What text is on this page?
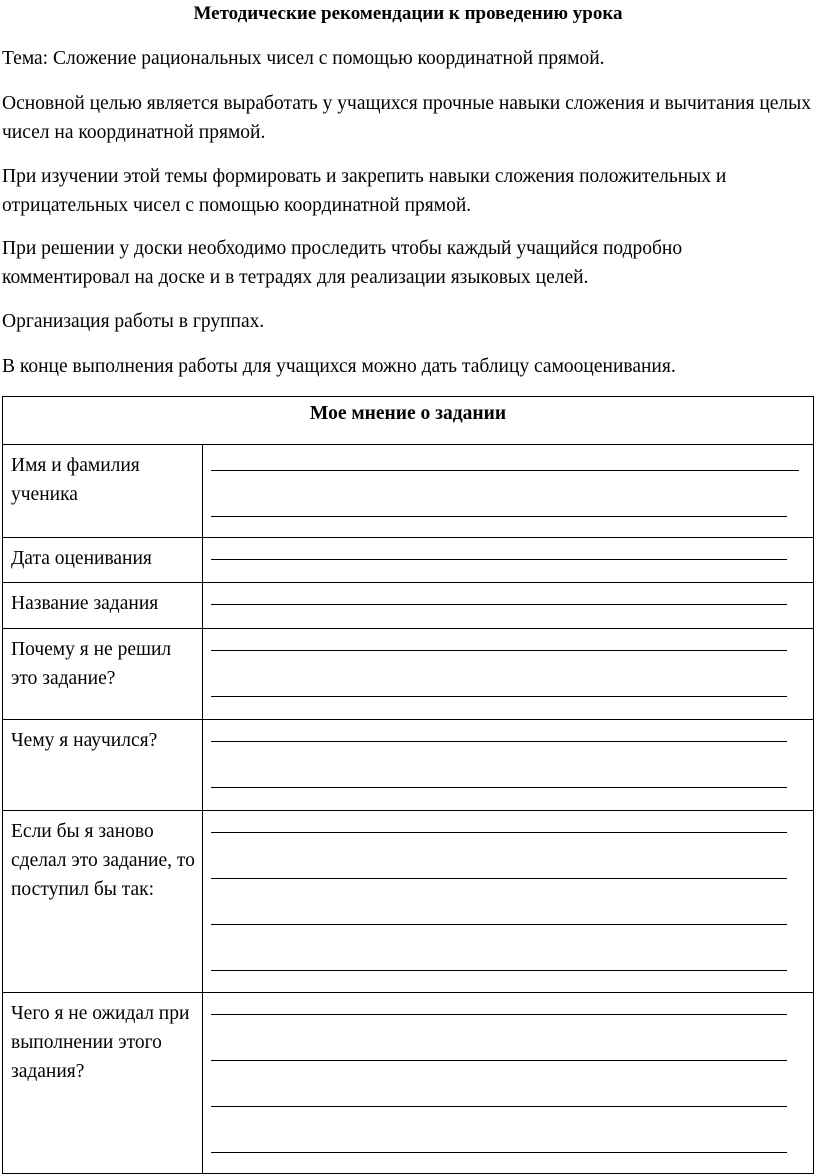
Методические рекомендации к проведению урока
Тема: Сложение рациональных чисел с помощью координатной прямой.
Основной целью является выработать у учащихся прочные навыки сложения и вычитания целых чисел на координатной прямой.
При изучении этой темы формировать и закрепить навыки сложения положительных и отрицательных чисел с помощью координатной прямой.
При решении у доски необходимо проследить чтобы каждый учащийся подробно комментировал на доске и в тетрадях для реализации языковых целей.
Организация работы в группах.
В конце выполнения работы для учащихся можно дать таблицу самооценивания.
Мое мнение о задании	
Имя и фамилия ученика	

Дата оценивания	

Название задания	

Почему я не решил это задание?	

Чему я научился?	

Если бы я заново сделал это задание, то поступил бы так:	

Чего я не ожидал при выполнении этого задания?	
